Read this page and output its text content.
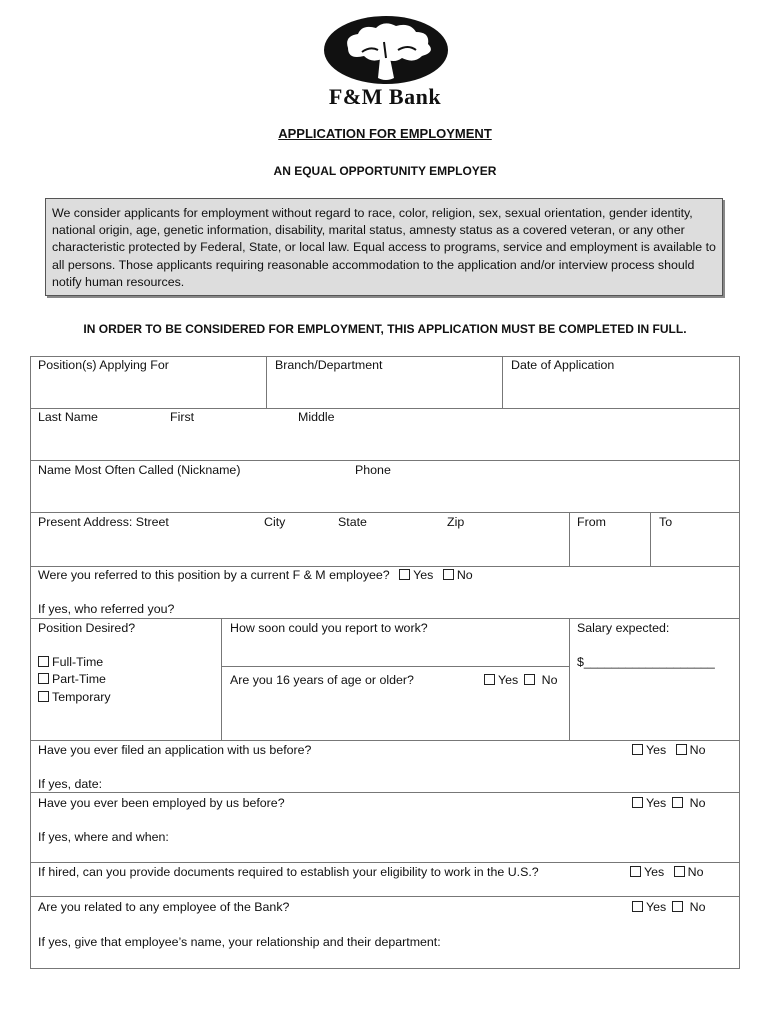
F&M Bank
APPLICATION FOR EMPLOYMENT
AN EQUAL OPPORTUNITY EMPLOYER
We consider applicants for employment without regard to race, color, religion, sex, sexual orientation, gender identity, national origin, age, genetic information, disability, marital status, amnesty status as a covered veteran, or any other characteristic protected by Federal, State, or local law. Equal access to programs, service and employment is available to all persons. Those applicants requiring reasonable accommodation to the application and/or interview process should notify human resources.
IN ORDER TO BE CONSIDERED FOR EMPLOYMENT, THIS APPLICATION MUST BE COMPLETED IN FULL.
Position(s) Applying For	Branch/Department	Date of Application
Last Name	First	Middle
Name Most Often Called (Nickname)	Phone
Present Address: Street	City	State	Zip	From	To
Were you referred to this position by a current F & M employee? Yes No
If yes, who referred you?
Position Desired?
Full-Time
Part-Time
Temporary
How soon could you report to work?
Are you 16 years of age or older?	Yes No
Salary expected:
$___________________
Have you ever filed an application with us before?	Yes No
If yes, date:
Have you ever been employed by us before?	Yes No
If yes, where and when:
If hired, can you provide documents required to establish your eligibility to work in the U.S.?	Yes No
Are you related to any employee of the Bank?	Yes No
If yes, give that employee’s name, your relationship and their department:
